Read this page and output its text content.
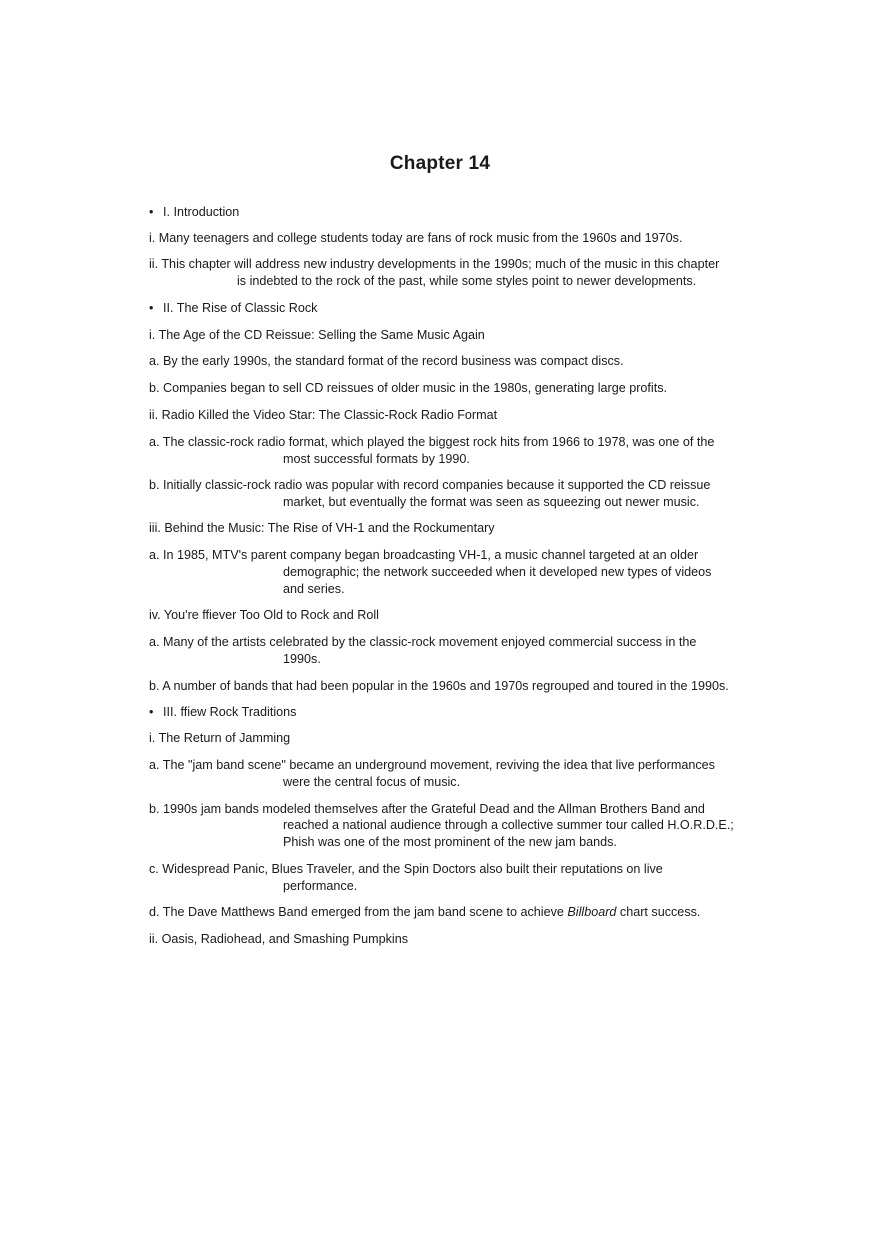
Chapter 14

• I. Introduction

i. Many teenagers and college students today are fans of rock music from the 1960s and 1970s.

ii. This chapter will address new industry developments in the 1990s; much of the music in this chapter

is indebted to the rock of the past, while some styles point to newer developments.

• II. The Rise of Classic Rock

i. The Age of the CD Reissue: Selling the Same Music Again

a. By the early 1990s, the standard format of the record business was compact discs.

b. Companies began to sell CD reissues of older music in the 1980s, generating large profits.

ii. Radio Killed the Video Star: The Classic-Rock Radio Format

a. The classic-rock radio format, which played the biggest rock hits from 1966 to 1978, was one of the

most successful formats by 1990.

b. Initially classic-rock radio was popular with record companies because it supported the CD reissue

market, but eventually the format was seen as squeezing out newer music.

iii. Behind the Music: The Rise of VH-1 and the Rockumentary

a. In 1985, MTV's parent company began broadcasting VH-1, a music channel targeted at an older

demographic; the network succeeded when it developed new types of videos

and series.

iv. You're ffiever Too Old to Rock and Roll

a. Many of the artists celebrated by the classic-rock movement enjoyed commercial success in the

1990s.

b. A number of bands that had been popular in the 1960s and 1970s regrouped and toured in the 1990s.

• III. ffiew Rock Traditions

i. The Return of Jamming

a. The "jam band scene" became an underground movement, reviving the idea that live performances

were the central focus of music.

b. 1990s jam bands modeled themselves after the Grateful Dead and the Allman Brothers Band and

reached a national audience through a collective summer tour called H.O.R.D.E.;

Phish was one of the most prominent of the new jam bands.

c. Widespread Panic, Blues Traveler, and the Spin Doctors also built their reputations on live

performance.

d. The Dave Matthews Band emerged from the jam band scene to achieve Billboard chart success.

ii. Oasis, Radiohead, and Smashing Pumpkins
